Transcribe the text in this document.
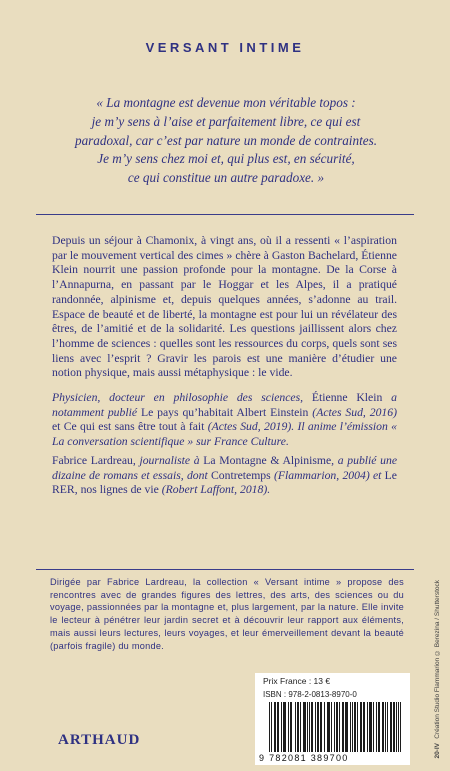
VERSANT INTIME

« La montagne est devenue mon véritable topos :

je m’y sens à l’aise et parfaitement libre, ce qui est

paradoxal, car c’est par nature un monde de contraintes.

Je m’y sens chez moi et, qui plus est, en sécurité,

ce qui constitue un autre paradoxe. »

Depuis un séjour à Chamonix, à vingt ans, où il a ressenti « l’aspiration par le mouvement vertical des cimes » chère à Gaston Bachelard, Étienne Klein nourrit une passion profonde pour la montagne. De la Corse à l’Annapurna, en passant par le Hoggar et les Alpes, il a pratiqué randonnée, alpinisme et, depuis quelques années, s’adonne au trail. Espace de beauté et de liberté, la montagne est pour lui un révélateur des êtres, de l’amitié et de la solidarité. Les questions jaillissent alors chez l’homme de sciences : quelles sont les ressources du corps, quels sont ses liens avec l’esprit ? Gravir les parois est une manière d’étudier une notion physique, mais aussi métaphysique : le vide.

Physicien, docteur en philosophie des sciences, Étienne Klein a notamment publié Le pays qu’habitait Albert Einstein (Actes Sud, 2016) et Ce qui est sans être tout à fait (Actes Sud, 2019). Il anime l’émission « La conversation scientifique » sur France Culture.

Fabrice Lardreau, journaliste à La Montagne & Alpinisme, a publié une dizaine de romans et essais, dont Contretemps (Flammarion, 2004) et Le RER, nos lignes de vie (Robert Laffont, 2018).

Dirigée par Fabrice Lardreau, la collection « Versant intime » propose des rencontres avec de grandes figures des lettres, des arts, des sciences ou du voyage, passionnées par la montagne et, plus largement, par la nature. Elle invite le lecteur à pénétrer leur jardin secret et à découvrir leur rapport aux éléments, mais aussi leurs lectures, leurs voyages, et leur émerveillement devant la beauté (parfois fragile) du monde.
ARTHAUD
Prix France : 13 €
ISBN : 978-2-0813-8970-0
9 782081 389700
Création Studio Flammarion © Berezina / Shutterstock
20-IV
